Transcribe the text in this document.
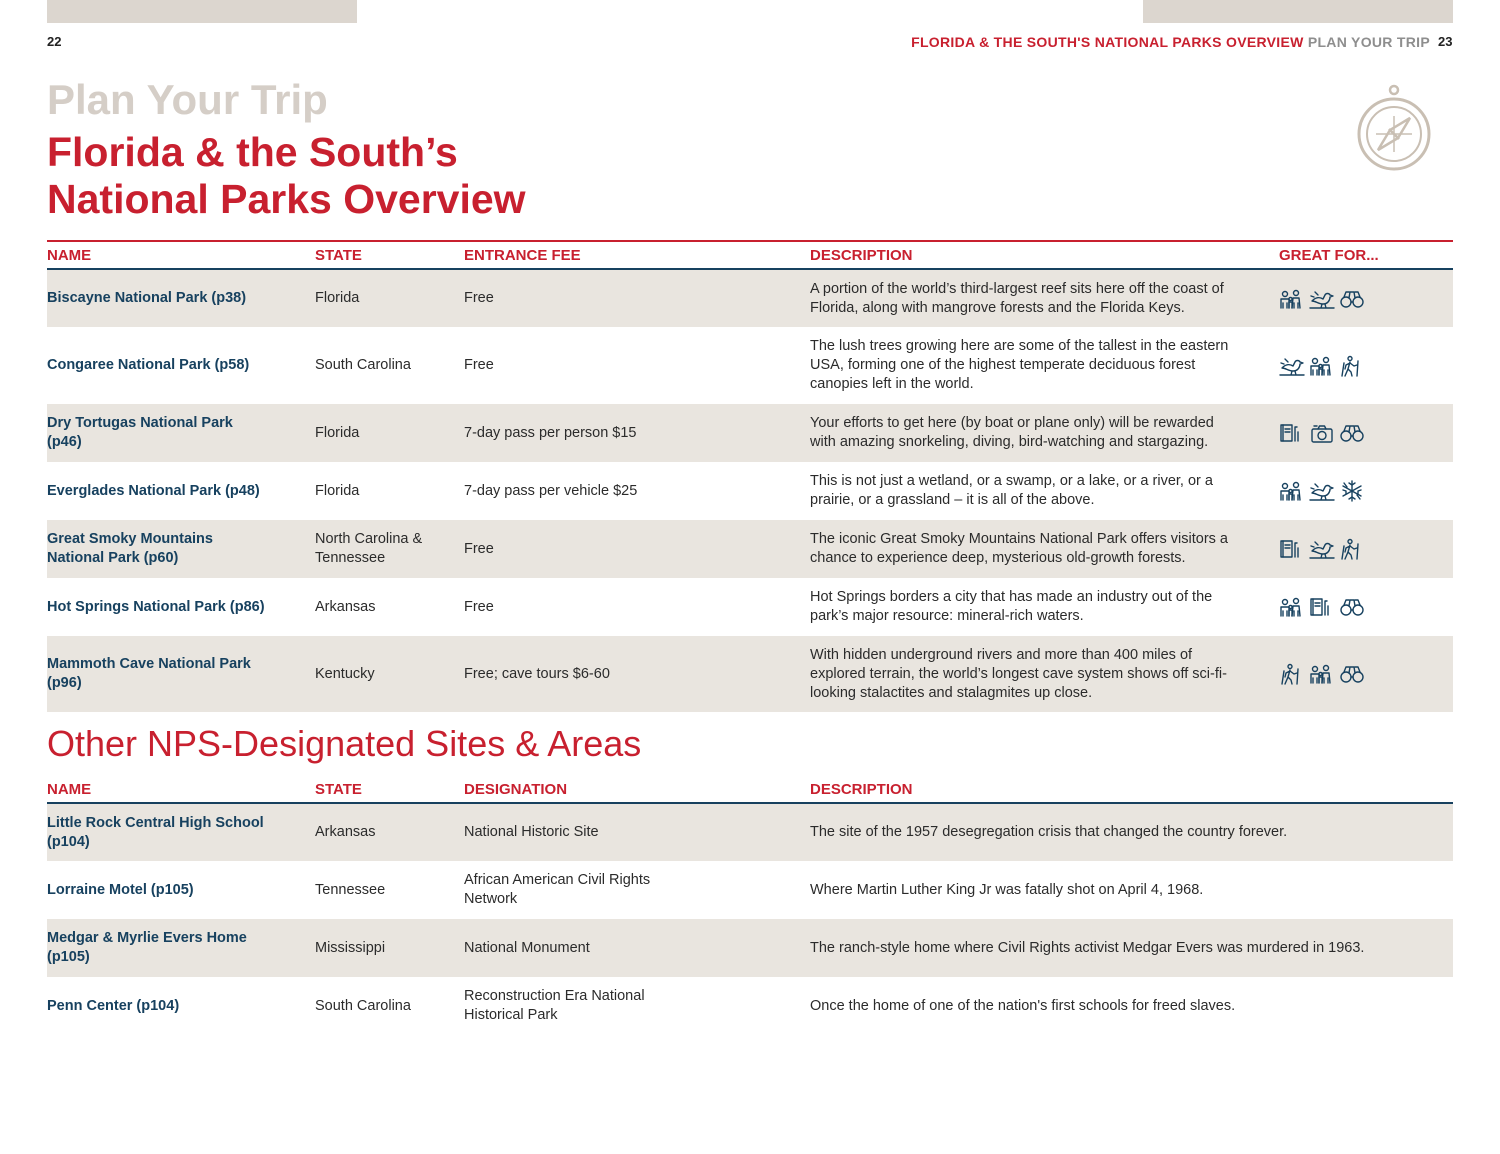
22	FLORIDA & THE SOUTH'S NATIONAL PARKS OVERVIEW PLAN YOUR TRIP 23
Plan Your Trip
Florida & the South’s
National Parks Overview
NAME	STATE	ENTRANCE FEE	DESCRIPTION	GREAT FOR...
Biscayne National Park (p38)	Florida	Free	A portion of the world’s third-largest reef sits here off the coast of Florida, along with mangrove forests and the Florida Keys.	

Congaree National Park (p58)	South Carolina	Free	The lush trees growing here are some of the tallest in the eastern USA, forming one of the highest temperate deciduous forest canopies left in the world.	

Dry Tortugas National Park (p46)	Florida	7-day pass per person $15	Your efforts to get here (by boat or plane only) will be rewarded with amazing snorkeling, diving, bird-watching and stargazing.	

Everglades National Park (p48)	Florida	7-day pass per vehicle $25	This is not just a wetland, or a swamp, or a lake, or a river, or a prairie, or a grassland – it is all of the above.	

Great Smoky Mountains National Park (p60)	North Carolina & Tennessee	Free	The iconic Great Smoky Mountains National Park offers visitors a chance to experience deep, mysterious old-growth forests.	

Hot Springs National Park (p86)	Arkansas	Free	Hot Springs borders a city that has made an industry out of the park’s major resource: mineral-rich waters.	

Mammoth Cave National Park (p96)	Kentucky	Free; cave tours $6-60	With hidden underground rivers and more than 400 miles of explored terrain, the world’s longest cave system shows off sci-fi-looking stalactites and stalagmites up close.	
Other NPS-Designated Sites & Areas
NAME	STATE	DESIGNATION	DESCRIPTION
Little Rock Central High School (p104)	Arkansas	National Historic Site	The site of the 1957 desegregation crisis that changed the country forever.
Lorraine Motel (p105)	Tennessee	African American Civil Rights Network	Where Martin Luther King Jr was fatally shot on April 4, 1968.
Medgar & Myrlie Evers Home (p105)	Mississippi	National Monument	The ranch-style home where Civil Rights activist Medgar Evers was murdered in 1963.
Penn Center (p104)	South Carolina	Reconstruction Era National Historical Park	Once the home of one of the nation's first schools for freed slaves.
